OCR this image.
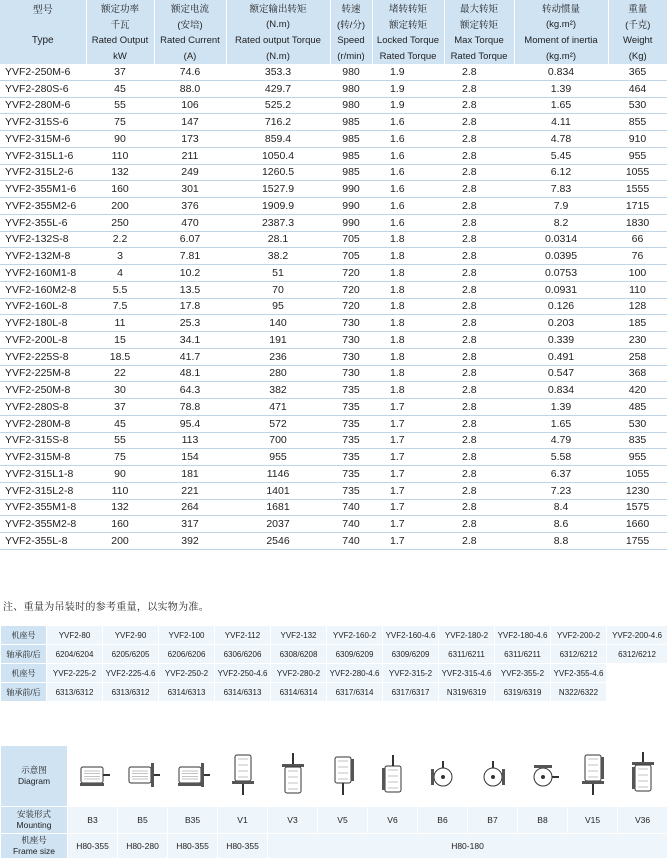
型号	额定功率	额定电流	额定输出转矩	转速	堵转转矩	最大转矩	转动惯量	重量
	千瓦	(安培)	(N.m)	(转/分)	额定转矩	额定转矩	(kg.m²)	(千克)
Type	Rated Output	Rated Current	Rated output Torque	Speed	Locked Torque	Max Torque	Moment of inertia	Weight
	kW	(A)	(N.m)	(r/min)	Rated Torque	Rated Torque	(kg.m²)	(Kg)
YVF2-250M-6	37	74.6	353.3	980	1.9	2.8	0.834	365
YVF2-280S-6	45	88.0	429.7	980	1.9	2.8	1.39	464
YVF2-280M-6	55	106	525.2	980	1.9	2.8	1.65	530
YVF2-315S-6	75	147	716.2	985	1.6	2.8	4.11	855
YVF2-315M-6	90	173	859.4	985	1.6	2.8	4.78	910
YVF2-315L1-6	110	211	1050.4	985	1.6	2.8	5.45	955
YVF2-315L2-6	132	249	1260.5	985	1.6	2.8	6.12	1055
YVF2-355M1-6	160	301	1527.9	990	1.6	2.8	7.83	1555
YVF2-355M2-6	200	376	1909.9	990	1.6	2.8	7.9	1715
YVF2-355L-6	250	470	2387.3	990	1.6	2.8	8.2	1830
YVF2-132S-8	2.2	6.07	28.1	705	1.8	2.8	0.0314	66
YVF2-132M-8	3	7.81	38.2	705	1.8	2.8	0.0395	76
YVF2-160M1-8	4	10.2	51	720	1.8	2.8	0.0753	100
YVF2-160M2-8	5.5	13.5	70	720	1.8	2.8	0.0931	110
YVF2-160L-8	7.5	17.8	95	720	1.8	2.8	0.126	128
YVF2-180L-8	11	25.3	140	730	1.8	2.8	0.203	185
YVF2-200L-8	15	34.1	191	730	1.8	2.8	0.339	230
YVF2-225S-8	18.5	41.7	236	730	1.8	2.8	0.491	258
YVF2-225M-8	22	48.1	280	730	1.8	2.8	0.547	368
YVF2-250M-8	30	64.3	382	735	1.8	2.8	0.834	420
YVF2-280S-8	37	78.8	471	735	1.7	2.8	1.39	485
YVF2-280M-8	45	95.4	572	735	1.7	2.8	1.65	530
YVF2-315S-8	55	113	700	735	1.7	2.8	4.79	835
YVF2-315M-8	75	154	955	735	1.7	2.8	5.58	955
YVF2-315L1-8	90	181	1146	735	1.7	2.8	6.37	1055
YVF2-315L2-8	110	221	1401	735	1.7	2.8	7.23	1230
YVF2-355M1-8	132	264	1681	740	1.7	2.8	8.4	1575
YVF2-355M2-8	160	317	2037	740	1.7	2.8	8.6	1660
YVF2-355L-8	200	392	2546	740	1.7	2.8	8.8	1755
注、重量为吊装时的参考重量，以实物为准。
机座号	YVF2-80	YVF2-90	YVF2-100	YVF2-112	YVF2-132	YVF2-160-2	YVF2-160-4.6	YVF2-180-2	YVF2-180-4.6	YVF2-200-2	YVF2-200-4.6
轴承前/后	6204/6204	6205/6205	6206/6206	6306/6206	6308/6208	6309/6209	6309/6209	6311/6211	6311/6211	6312/6212	6312/6212
机座号	YVF2-225-2	YVF2-225-4.6	YVF2-250-2	YVF2-250-4.6	YVF2-280-2	YVF2-280-4.6	YVF2-315-2	YVF2-315-4.6	YVF2-355-2	YVF2-355-4.6	
轴承前/后	6313/6312	6313/6312	6314/6313	6314/6313	6314/6314	6317/6314	6317/6317	N319/6319	6319/6319	N322/6322	
示意图
Diagram	

安装形式
Mounting	B3	B5	B35	V1	V3	V5	V6	B6	B7	B8	V15	V36
机座号
Frame size	H80-355	H80-280	H80-355	H80-355	H80-180							
